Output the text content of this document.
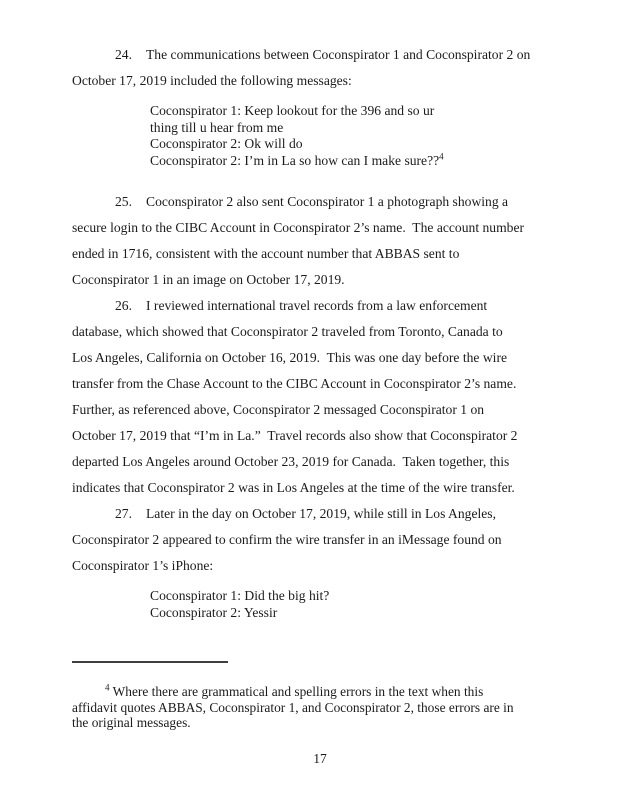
24. The communications between Coconspirator 1 and Coconspirator 2 on
October 17, 2019 included the following messages:
Coconspirator 1: Keep lookout for the 396 and so ur
thing till u hear from me
Coconspirator 2: Ok will do
Coconspirator 2: I’m in La so how can I make sure??$^4$
25. Coconspirator 2 also sent Coconspirator 1 a photograph showing a
secure login to the CIBC Account in Coconspirator 2’s name.  The account number
ended in 1716, consistent with the account number that ABBAS sent to
Coconspirator 1 in an image on October 17, 2019.
26. I reviewed international travel records from a law enforcement
database, which showed that Coconspirator 2 traveled from Toronto, Canada to
Los Angeles, California on October 16, 2019.  This was one day before the wire
transfer from the Chase Account to the CIBC Account in Coconspirator 2’s name.
Further, as referenced above, Coconspirator 2 messaged Coconspirator 1 on
October 17, 2019 that “I’m in La.”  Travel records also show that Coconspirator 2
departed Los Angeles around October 23, 2019 for Canada.  Taken together, this
indicates that Coconspirator 2 was in Los Angeles at the time of the wire transfer.
27. Later in the day on October 17, 2019, while still in Los Angeles,
Coconspirator 2 appeared to confirm the wire transfer in an iMessage found on
Coconspirator 1’s iPhone:
Coconspirator 1: Did the big hit?
Coconspirator 2: Yessir
$^4$ Where there are grammatical and spelling errors in the text when this
affidavit quotes ABBAS, Coconspirator 1, and Coconspirator 2, those errors are in
the original messages.
17
